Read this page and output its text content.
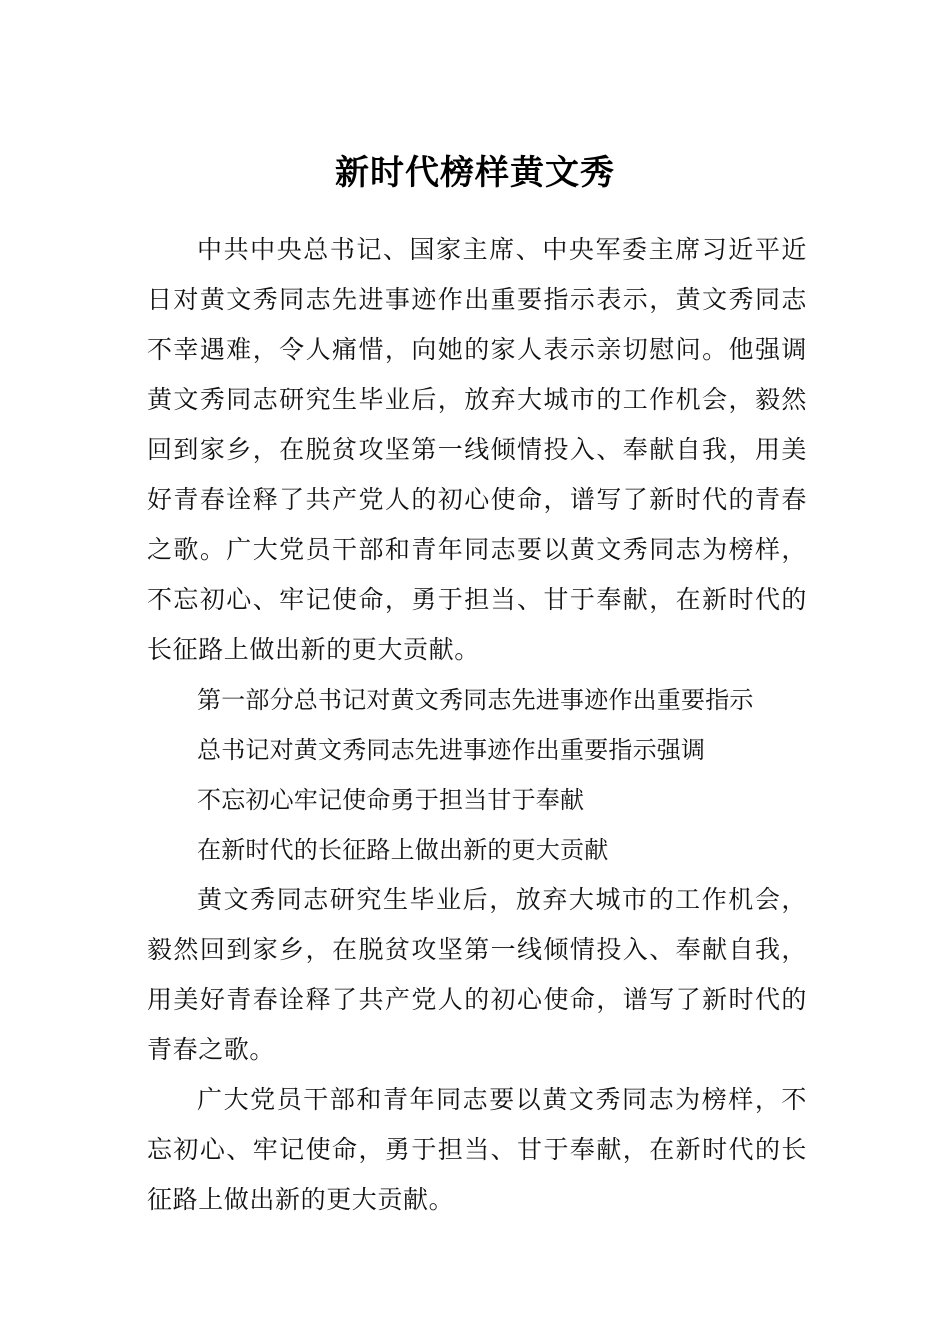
新时代榜样黄文秀

中共中央总书记、国家主席、中央军委主席习近平近日对黄文秀同志先进事迹作出重要指示表示，黄文秀同志不幸遇难，令人痛惜，向她的家人表示亲切慰问。他强调黄文秀同志研究生毕业后，放弃大城市的工作机会，毅然回到家乡，在脱贫攻坚第一线倾情投入、奉献自我，用美好青春诠释了共产党人的初心使命，谱写了新时代的青春之歌。广大党员干部和青年同志要以黄文秀同志为榜样，不忘初心、牢记使命，勇于担当、甘于奉献，在新时代的长征路上做出新的更大贡献。

第一部分总书记对黄文秀同志先进事迹作出重要指示

总书记对黄文秀同志先进事迹作出重要指示强调

不忘初心牢记使命勇于担当甘于奉献

在新时代的长征路上做出新的更大贡献

黄文秀同志研究生毕业后，放弃大城市的工作机会，毅然回到家乡，在脱贫攻坚第一线倾情投入、奉献自我，用美好青春诠释了共产党人的初心使命，谱写了新时代的青春之歌。

广大党员干部和青年同志要以黄文秀同志为榜样，不忘初心、牢记使命，勇于担当、甘于奉献，在新时代的长征路上做出新的更大贡献。
